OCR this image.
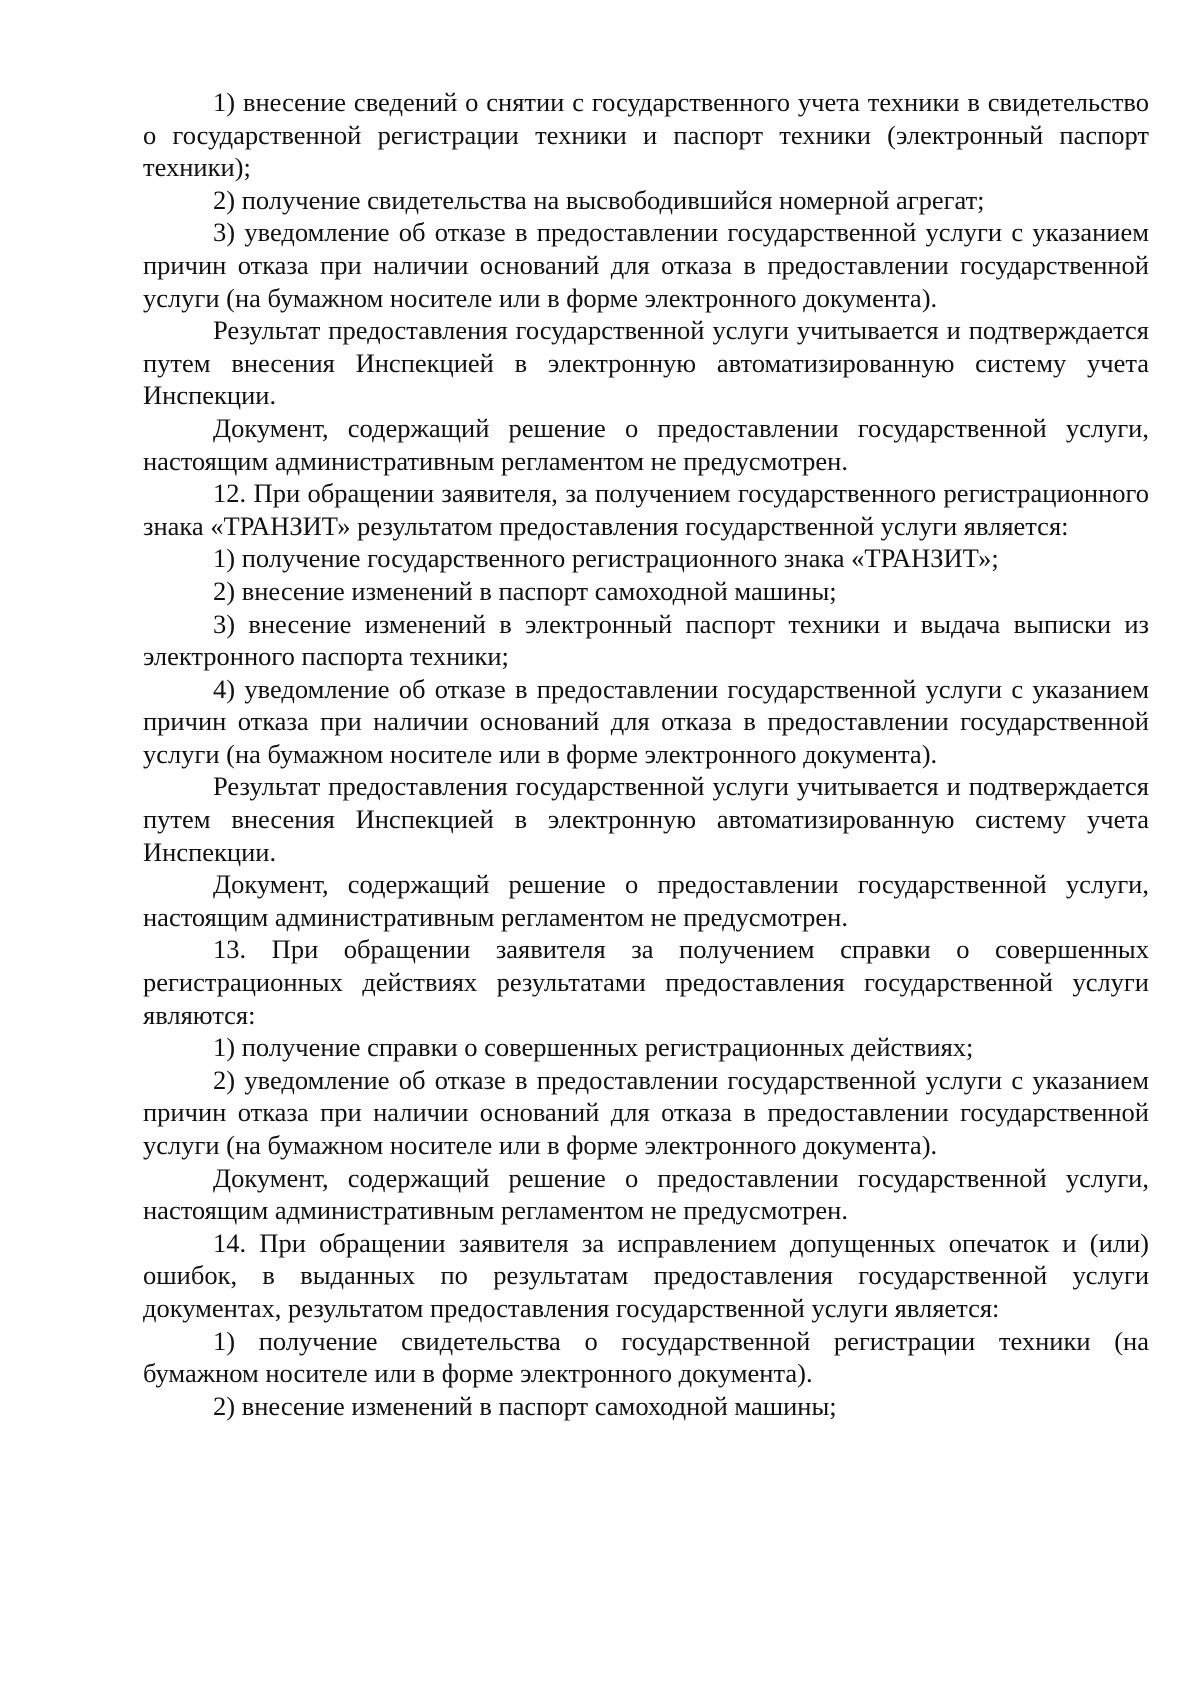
1) внесение сведений о снятии с государственного учета техники в свидетельство о государственной регистрации техники и паспорт техники (электронный паспорт техники);

2) получение свидетельства на высвободившийся номерной агрегат;

3) уведомление об отказе в предоставлении государственной услуги с указанием причин отказа при наличии оснований для отказа в предоставлении государственной услуги (на бумажном носителе или в форме электронного документа).

Результат предоставления государственной услуги учитывается и подтверждается путем внесения Инспекцией в электронную автоматизированную систему учета Инспекции.

Документ, содержащий решение о предоставлении государственной услуги, настоящим административным регламентом не предусмотрен.

12. При обращении заявителя, за получением государственного регистрационного знака «ТРАНЗИТ» результатом предоставления государственной услуги является:

1) получение государственного регистрационного знака «ТРАНЗИТ»;

2) внесение изменений в паспорт самоходной машины;

3) внесение изменений в электронный паспорт техники и выдача выписки из электронного паспорта техники;

4) уведомление об отказе в предоставлении государственной услуги с указанием причин отказа при наличии оснований для отказа в предоставлении государственной услуги (на бумажном носителе или в форме электронного документа).

Результат предоставления государственной услуги учитывается и подтверждается путем внесения Инспекцией в электронную автоматизированную систему учета Инспекции.

Документ, содержащий решение о предоставлении государственной услуги, настоящим административным регламентом не предусмотрен.

13. При обращении заявителя за получением справки о совершенных регистрационных действиях результатами предоставления государственной услуги являются:

1) получение справки о совершенных регистрационных действиях;

2) уведомление об отказе в предоставлении государственной услуги с указанием причин отказа при наличии оснований для отказа в предоставлении государственной услуги (на бумажном носителе или в форме электронного документа).

Документ, содержащий решение о предоставлении государственной услуги, настоящим административным регламентом не предусмотрен.

14. При обращении заявителя за исправлением допущенных опечаток и (или) ошибок, в выданных по результатам предоставления государственной услуги документах, результатом предоставления государственной услуги является:

1) получение свидетельства о государственной регистрации техники (на бумажном носителе или в форме электронного документа).

2) внесение изменений в паспорт самоходной машины;
